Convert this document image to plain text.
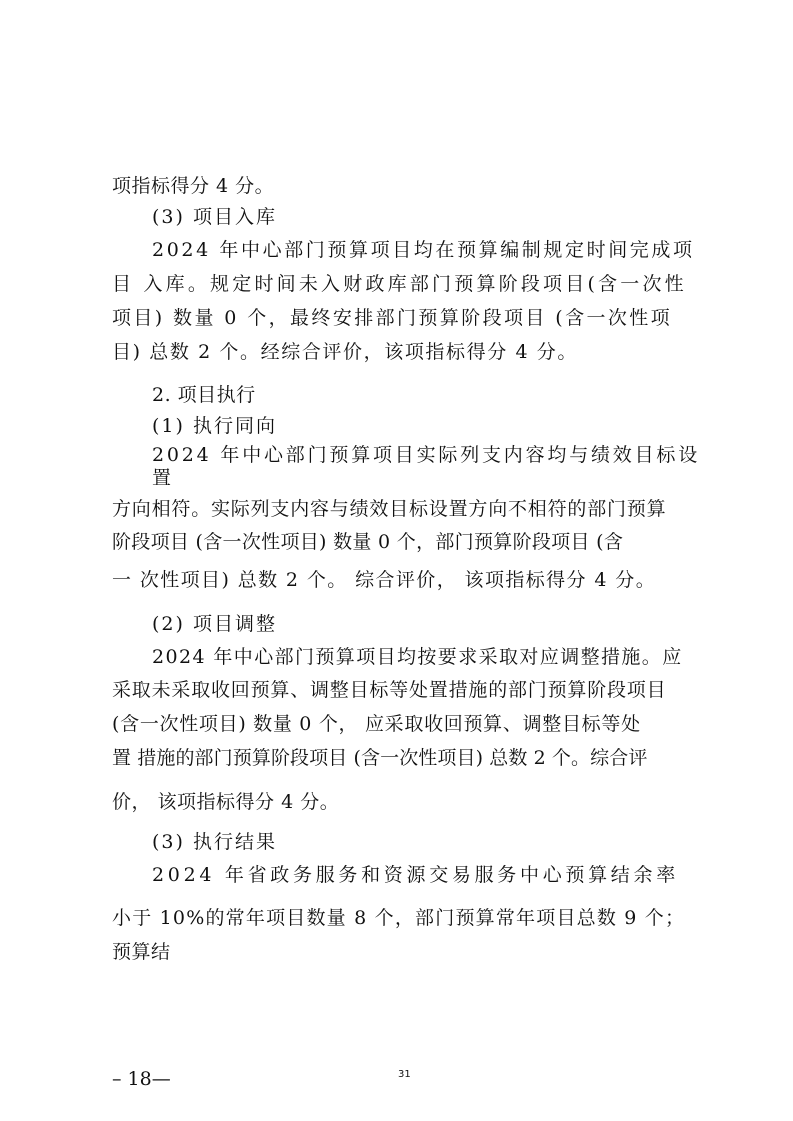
项指标得分 4 分。
(3) 项目入库
2024 年中心部门预算项目均在预算编制规定时间完成项
目 入库。规定时间未入财政库部门预算阶段项目(含一次性
项目) 数量 0 个，最终安排部门预算阶段项目 (含一次性项
目) 总数 2 个。经综合评价，该项指标得分 4 分。
2. 项目执行
(1) 执行同向
2024 年中心部门预算项目实际列支内容均与绩效目标设
置
方向相符。实际列支内容与绩效目标设置方向不相符的部门预算
阶段项目 (含一次性项目) 数量 0 个，部门预算阶段项目 (含
一 次性项目) 总数 2 个。 综合评价， 该项指标得分 4 分。
(2) 项目调整
2024 年中心部门预算项目均按要求采取对应调整措施。应
采取未采取收回预算、调整目标等处置措施的部门预算阶段项目
(含一次性项目) 数量 0 个， 应采取收回预算、调整目标等处
置 措施的部门预算阶段项目 (含一次性项目) 总数 2 个。综合评
价， 该项指标得分 4 分。
(3) 执行结果
2024 年省政务服务和资源交易服务中心预算结余率
小于 10%的常年项目数量 8 个，部门预算常年项目总数 9 个；
预算结
– 18—	31
